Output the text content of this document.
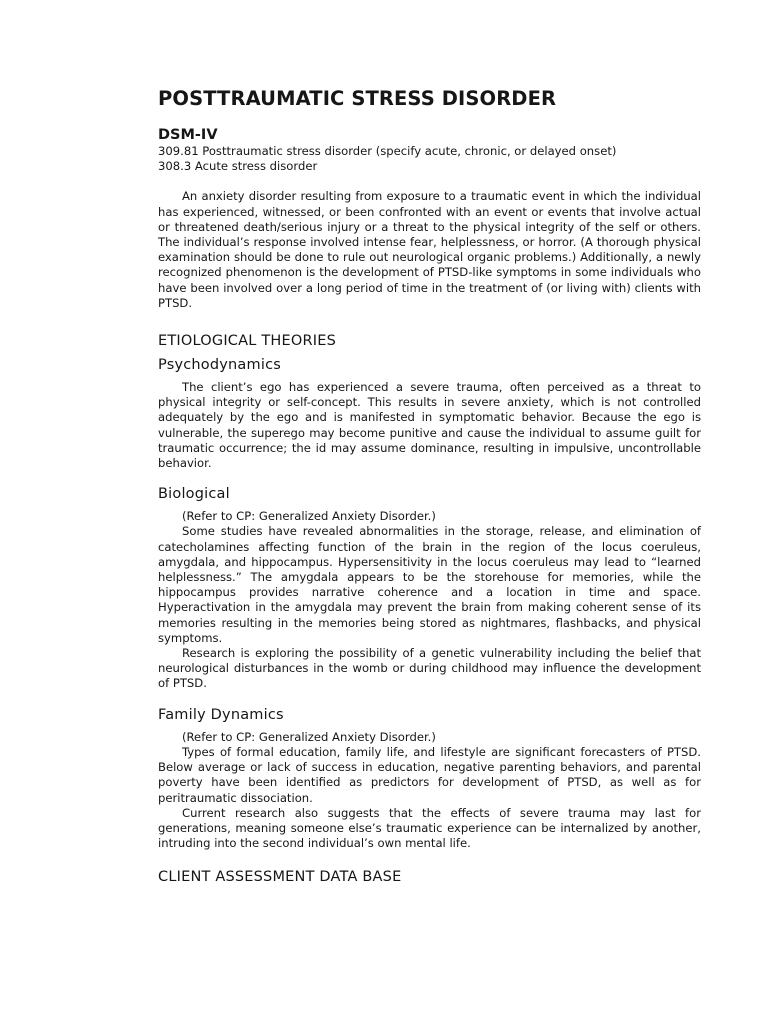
POSTTRAUMATIC STRESS DISORDER
DSM-IV
309.81 Posttraumatic stress disorder (specify acute, chronic, or delayed onset)
308.3 Acute stress disorder

An anxiety disorder resulting from exposure to a traumatic event in which the individual has experienced, witnessed, or been confronted with an event or events that involve actual or threatened death/serious injury or a threat to the physical integrity of the self or others. The individual’s response involved intense fear, helplessness, or horror. (A thorough physical examination should be done to rule out neurological organic problems.) Additionally, a newly recognized phenomenon is the development of PTSD-like symptoms in some individuals who have been involved over a long period of time in the treatment of (or living with) clients with PTSD.

ETIOLOGICAL THEORIES
Psychodynamics

The client’s ego has experienced a severe trauma, often perceived as a threat to physical integrity or self-concept. This results in severe anxiety, which is not controlled adequately by the ego and is manifested in symptomatic behavior. Because the ego is vulnerable, the superego may become punitive and cause the individual to assume guilt for traumatic occurrence; the id may assume dominance, resulting in impulsive, uncontrollable behavior.

Biological

(Refer to CP: Generalized Anxiety Disorder.)

Some studies have revealed abnormalities in the storage, release, and elimination of catecholamines affecting function of the brain in the region of the locus coeruleus, amygdala, and hippocampus. Hypersensitivity in the locus coeruleus may lead to “learned helplessness.” The amygdala appears to be the storehouse for memories, while the hippocampus provides narrative coherence and a location in time and space. Hyperactivation in the amygdala may prevent the brain from making coherent sense of its memories resulting in the memories being stored as nightmares, flashbacks, and physical symptoms.

Research is exploring the possibility of a genetic vulnerability including the belief that neurological disturbances in the womb or during childhood may influence the development of PTSD.

Family Dynamics

(Refer to CP: Generalized Anxiety Disorder.)

Types of formal education, family life, and lifestyle are significant forecasters of PTSD. Below average or lack of success in education, negative parenting behaviors, and parental poverty have been identified as predictors for development of PTSD, as well as for peritraumatic dissociation.

Current research also suggests that the effects of severe trauma may last for generations, meaning someone else’s traumatic experience can be internalized by another, intruding into the second individual’s own mental life.

CLIENT ASSESSMENT DATA BASE
